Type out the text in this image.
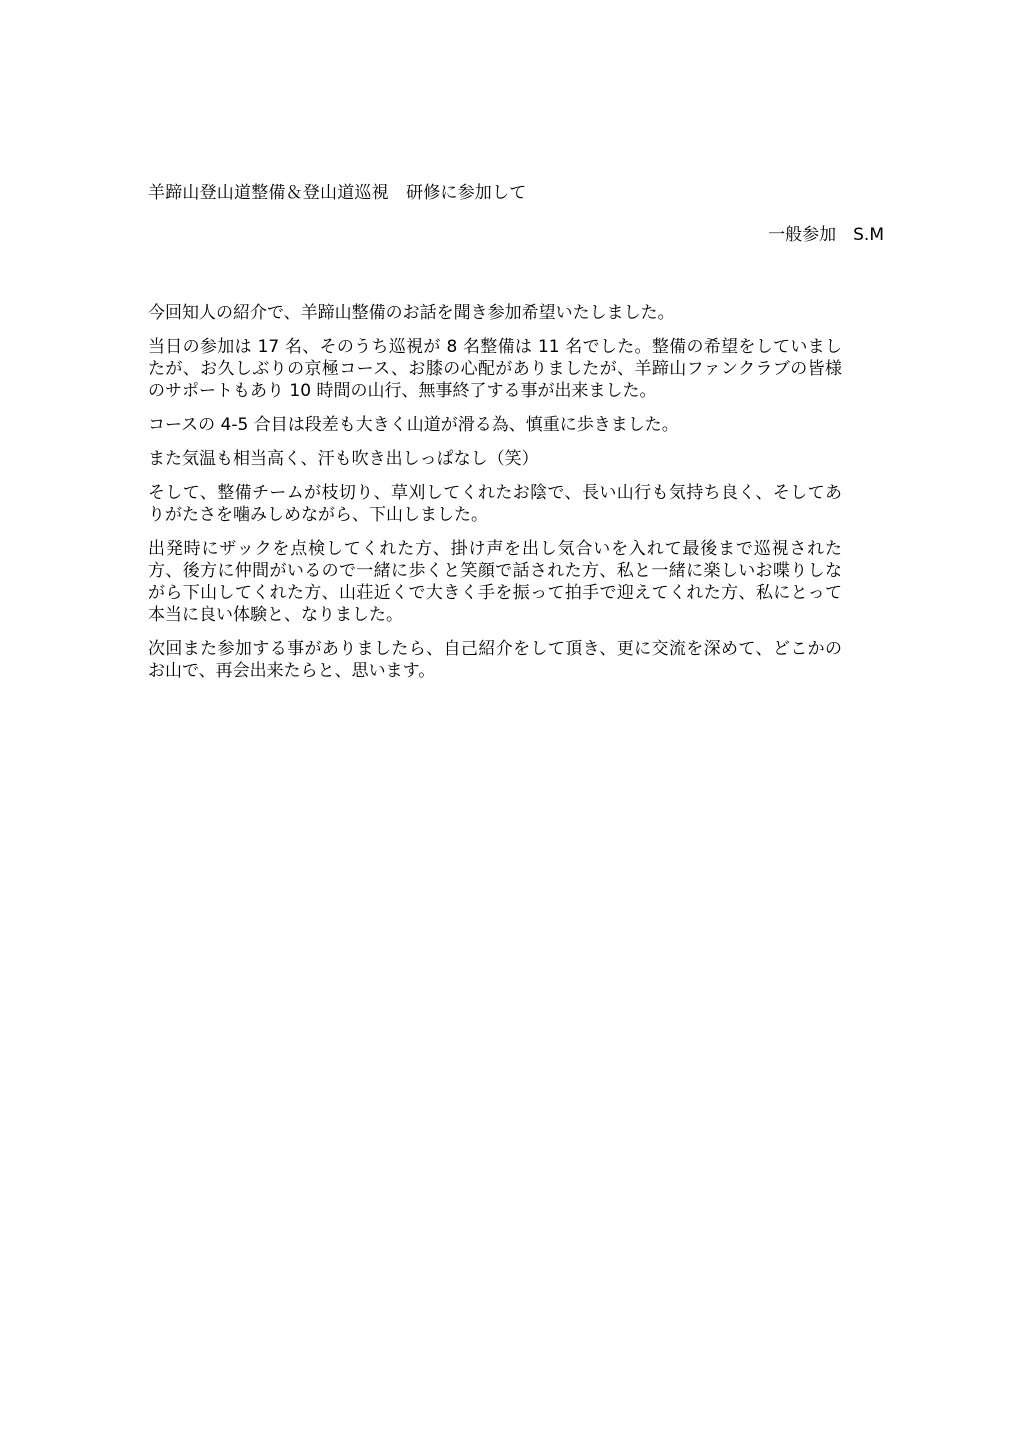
羊蹄山登山道整備＆登山道巡視　研修に参加して
一般参加　S.M

今回知人の紹介で、羊蹄山整備のお話を聞き参加希望いたしました。

当日の参加は 17 名、そのうち巡視が 8 名整備は 11 名でした。整備の希望をしていましたが、お久しぶりの京極コース、お膝の心配がありましたが、羊蹄山ファンクラブの皆様のサポートもあり 10 時間の山行、無事終了する事が出来ました。

コースの 4-5 合目は段差も大きく山道が滑る為、慎重に歩きました。

また気温も相当高く、汗も吹き出しっぱなし（笑）

そして、整備チームが枝切り、草刈してくれたお陰で、長い山行も気持ち良く、そしてありがたさを噛みしめながら、下山しました。

出発時にザックを点検してくれた方、掛け声を出し気合いを入れて最後まで巡視された方、後方に仲間がいるので一緒に歩くと笑顔で話された方、私と一緒に楽しいお喋りしながら下山してくれた方、山荘近くで大きく手を振って拍手で迎えてくれた方、私にとって本当に良い体験と、なりました。

次回また参加する事がありましたら、自己紹介をして頂き、更に交流を深めて、どこかのお山で、再会出来たらと、思います。
